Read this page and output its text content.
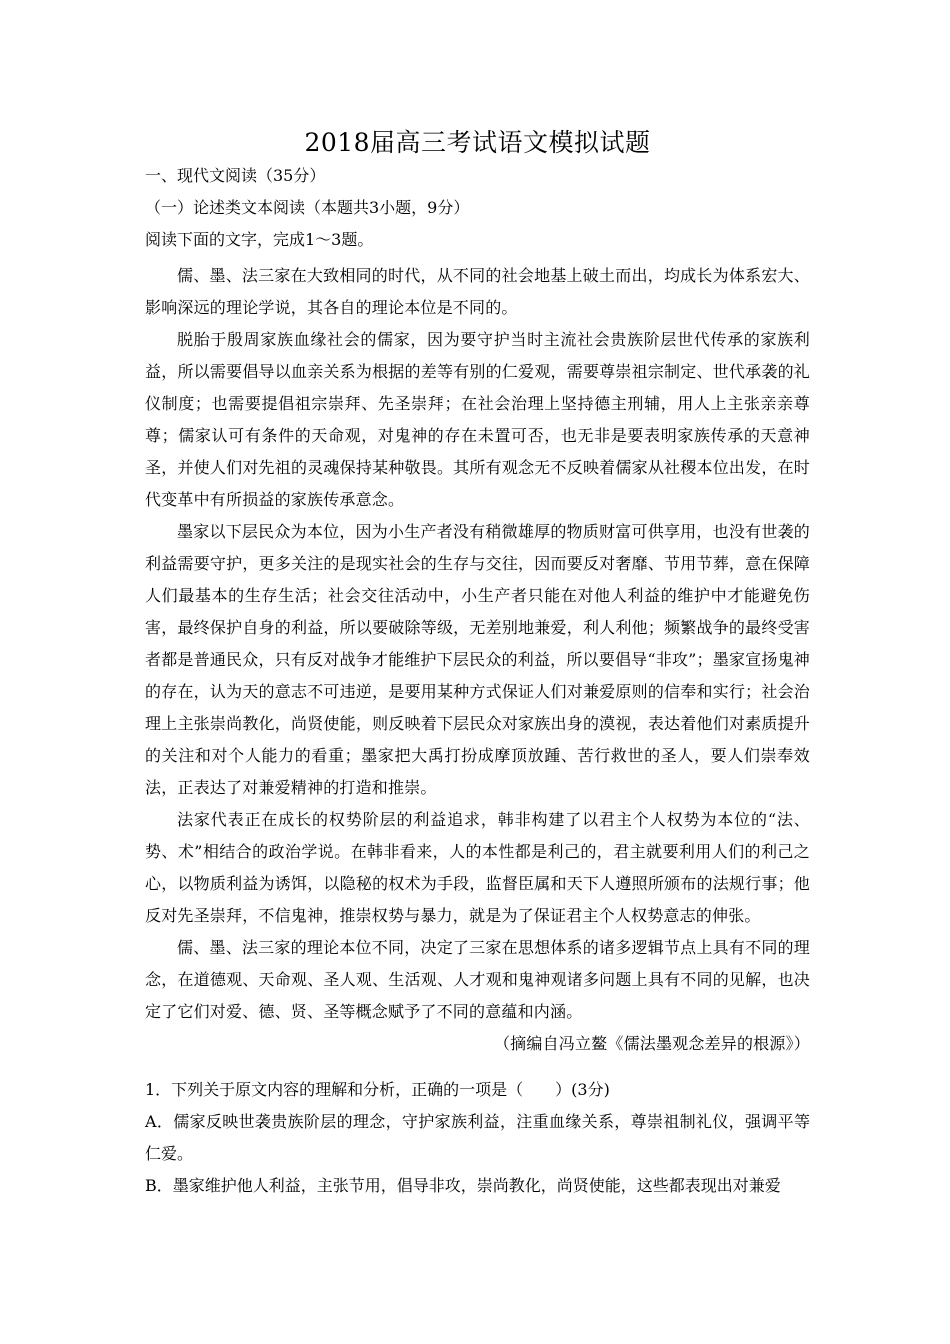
2018届高三考试语文模拟试题
一、现代文阅读（35分）
（一）论述类文本阅读（本题共3小题，9分）
阅读下面的文字，完成1～3题。

儒、墨、法三家在大致相同的时代，从不同的社会地基上破土而出，均成长为体系宏大、影响深远的理论学说，其各自的理论本位是不同的。

脱胎于殷周家族血缘社会的儒家，因为要守护当时主流社会贵族阶层世代传承的家族利益，所以需要倡导以血亲关系为根据的差等有别的仁爱观，需要尊崇祖宗制定、世代承袭的礼仪制度；也需要提倡祖宗崇拜、先圣崇拜；在社会治理上坚持德主刑辅，用人上主张亲亲尊尊；儒家认可有条件的天命观，对鬼神的存在未置可否，也无非是要表明家族传承的天意神圣，并使人们对先祖的灵魂保持某种敬畏。其所有观念无不反映着儒家从社稷本位出发，在时代变革中有所损益的家族传承意念。

墨家以下层民众为本位，因为小生产者没有稍微雄厚的物质财富可供享用，也没有世袭的利益需要守护，更多关注的是现实社会的生存与交往，因而要反对奢靡、节用节葬，意在保障人们最基本的生存生活；社会交往活动中，小生产者只能在对他人利益的维护中才能避免伤害，最终保护自身的利益，所以要破除等级，无差别地兼爱，利人利他；频繁战争的最终受害者都是普通民众，只有反对战争才能维护下层民众的利益，所以要倡导“非攻”；墨家宣扬鬼神的存在，认为天的意志不可违逆，是要用某种方式保证人们对兼爱原则的信奉和实行；社会治理上主张崇尚教化，尚贤使能，则反映着下层民众对家族出身的漠视，表达着他们对素质提升的关注和对个人能力的看重；墨家把大禹打扮成摩顶放踵、苦行救世的圣人，要人们崇奉效法，正表达了对兼爱精神的打造和推崇。

法家代表正在成长的权势阶层的利益追求，韩非构建了以君主个人权势为本位的“法、势、术”相结合的政治学说。在韩非看来，人的本性都是利己的，君主就要利用人们的利己之心，以物质利益为诱饵，以隐秘的权术为手段，监督臣属和天下人遵照所颁布的法规行事；他反对先圣崇拜，不信鬼神，推崇权势与暴力，就是为了保证君主个人权势意志的伸张。

儒、墨、法三家的理论本位不同，决定了三家在思想体系的诸多逻辑节点上具有不同的理念，在道德观、天命观、圣人观、生活观、人才观和鬼神观诸多问题上具有不同的见解，也决定了它们对爱、德、贤、圣等概念赋予了不同的意蕴和内涵。

（摘编自冯立鳌《儒法墨观念差异的根源》）

1．下列关于原文内容的理解和分析，正确的一项是（　　）(3分)

A．儒家反映世袭贵族阶层的理念，守护家族利益，注重血缘关系，尊崇祖制礼仪，强调平等仁爱。

B．墨家维护他人利益，主张节用，倡导非攻，崇尚教化，尚贤使能，这些都表现出对兼爱
